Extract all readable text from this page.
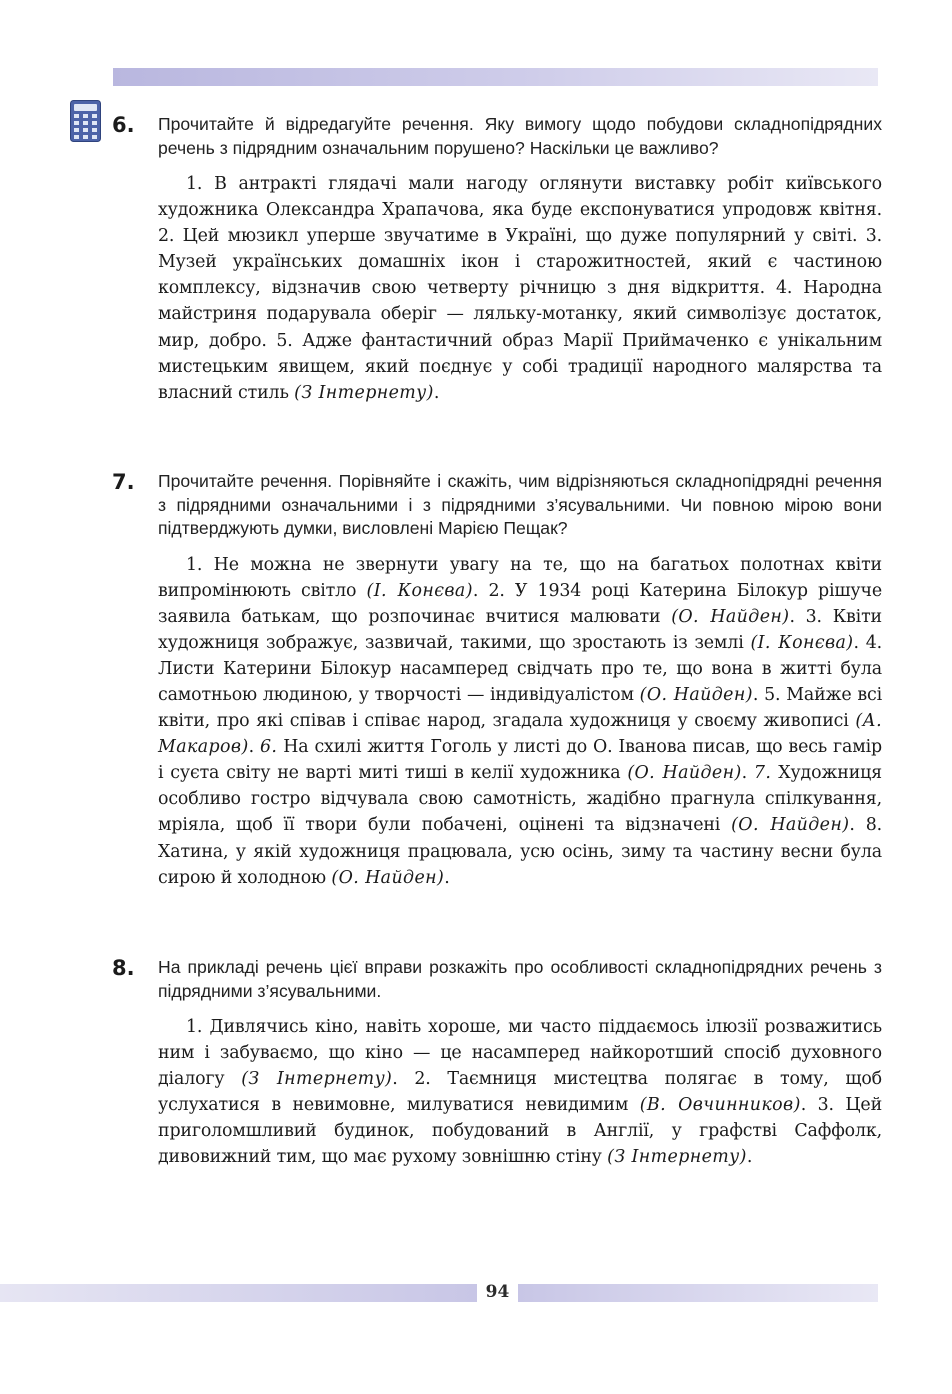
6. Прочитайте й відредагуйте речення. Яку вимогу щодо побудови складнопідрядних речень з підрядним означальним порушено? Наскільки це важливо?
1. В антракті глядачі мали нагоду оглянути виставку робіт київського художника Олександра Храпачова, яка буде експонуватися упродовж квітня. 2. Цей мюзикл уперше звучатиме в Україні, що дуже популярний у світі. 3. Музей українських домашніх ікон і старожитностей, який є частиною комплексу, відзначив свою четверту річницю з дня відкриття. 4. Народна майстриня подарувала оберіг — ляльку-мотанку, який символізує достаток, мир, добро. 5. Адже фантастичний образ Марії Приймаченко є унікальним мистецьким явищем, який поєднує у собі традиції народного малярства та власний стиль (З Інтернету).
7. Прочитайте речення. Порівняйте і скажіть, чим відрізняються складнопідрядні речення з підрядними означальними і з підрядними з’ясувальними. Чи повною мірою вони підтверджують думки, висловлені Марією Пещак?
1. Не можна не звернути увагу на те, що на багатьох полотнах квіти випромінюють світло (І. Конєва). 2. У 1934 році Катерина Білокур рішуче заявила батькам, що розпочинає вчитися малювати (О. Найден). 3. Квіти художниця зображує, зазвичай, такими, що зростають із землі (І. Конєва). 4. Листи Катерини Білокур насамперед свідчать про те, що вона в житті була самотньою людиною, у творчості — індивідуалістом (О. Найден). 5. Майже всі квіти, про які співав і співає народ, згадала художниця у своєму живописі (А. Макаров). 6. На схилі життя Гоголь у листі до О. Іванова писав, що весь гамір і суєта світу не варті миті тиші в келії художника (О. Найден). 7. Художниця особливо гостро відчувала свою самотність, жадібно прагнула спілкування, мріяла, щоб її твори були побачені, оцінені та відзначені (О. Найден). 8. Хатина, у якій художниця працювала, усю осінь, зиму та частину весни була сирою й холодною (О. Найден).
8. На прикладі речень цієї вправи розкажіть про особливості складнопідрядних речень з підрядними з’ясувальними.
1. Дивлячись кіно, навіть хороше, ми часто піддаємось ілюзії розважитись ним і забуваємо, що кіно — це насамперед найкоротший спосіб духовного діалогу (З Інтернету). 2. Таємниця мистецтва полягає в тому, щоб услухатися в невимовне, милуватися невидимим (В. Овчинников). 3. Цей приголомшливий будинок, побудований в Англії, у графстві Саффолк, дивовижний тим, що має рухому зовнішню стіну (З Інтернету).
94
